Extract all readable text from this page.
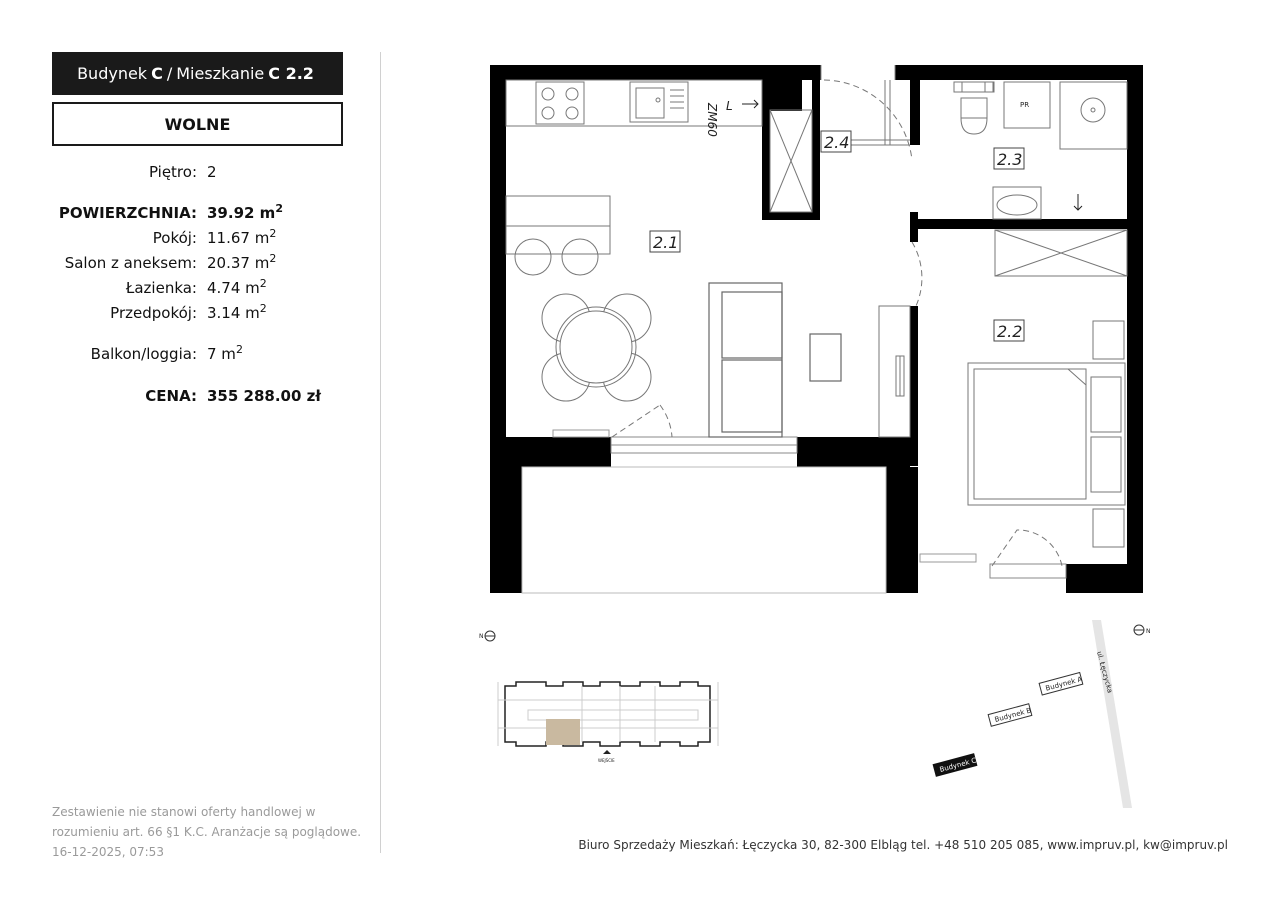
Budynek C / Mieszkanie C 2.2
WOLNE
Piętro: 2
POWIERZCHNIA: 39.92 $m^2$
Pokój: 11.67 $m^2$
Salon z aneksem: 20.37 $m^2$
Łazienka: 4.74 $m^2$
Przedpokój: 3.14 $m^2$
Balkon/loggia: 7 $m^2$
CENA: 355 288.00 zł
Zestawienie nie stanowi oferty handlowej w rozumieniu art. 66 §1 K.C. Aranżacje są poglądowe. 16-12-2025, 07:53	Biuro Sprzedaży Mieszkań: Łęczycka 30, 82-300 Elbląg tel. +48 510 205 085, www.impruv.pl, kw@impruv.pl
ZM60 L	PR
2.1
2.2
2.3
2.4
N
WEJŚCIE
ul. Łęczycka
N
Budynek A
Budynek B
Budynek C
